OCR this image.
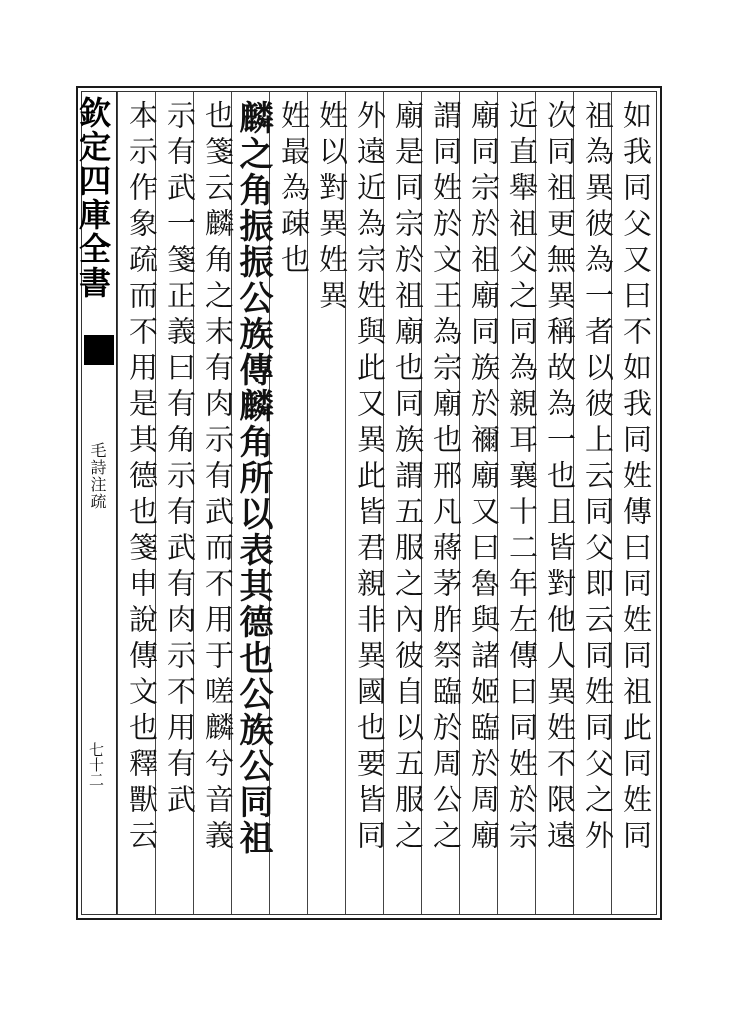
欽定四庫全書
毛詩注疏
七十二	如我同父又曰不如我同姓傳曰同姓同祖此同姓同
祖為異彼為一者以彼上云同父即云同姓同父之外
次同祖更無異稱故為一也且皆對他人異姓不限遠
近直舉祖父之同為親耳襄十二年左傳曰同姓於宗
廟同宗於祖廟同族於禰廟又曰魯與諸姬臨於周廟
謂同姓於文王為宗廟也邢凡蔣茅胙祭臨於周公之
廟是同宗於祖廟也同族謂五服之內彼自以五服之
外遠近為宗姓與此又異此皆君親非異國也要皆同
姓以對異姓異
姓最為疎也
麟之角振振公族傳麟角所以表其德也公族公同祖
也箋云麟角之末有肉示有武而不用于嗟麟兮音義
示有武一箋正義曰有角示有武有肉示不用有武
本示作象疏而不用是其德也箋申說傳文也釋獸云
